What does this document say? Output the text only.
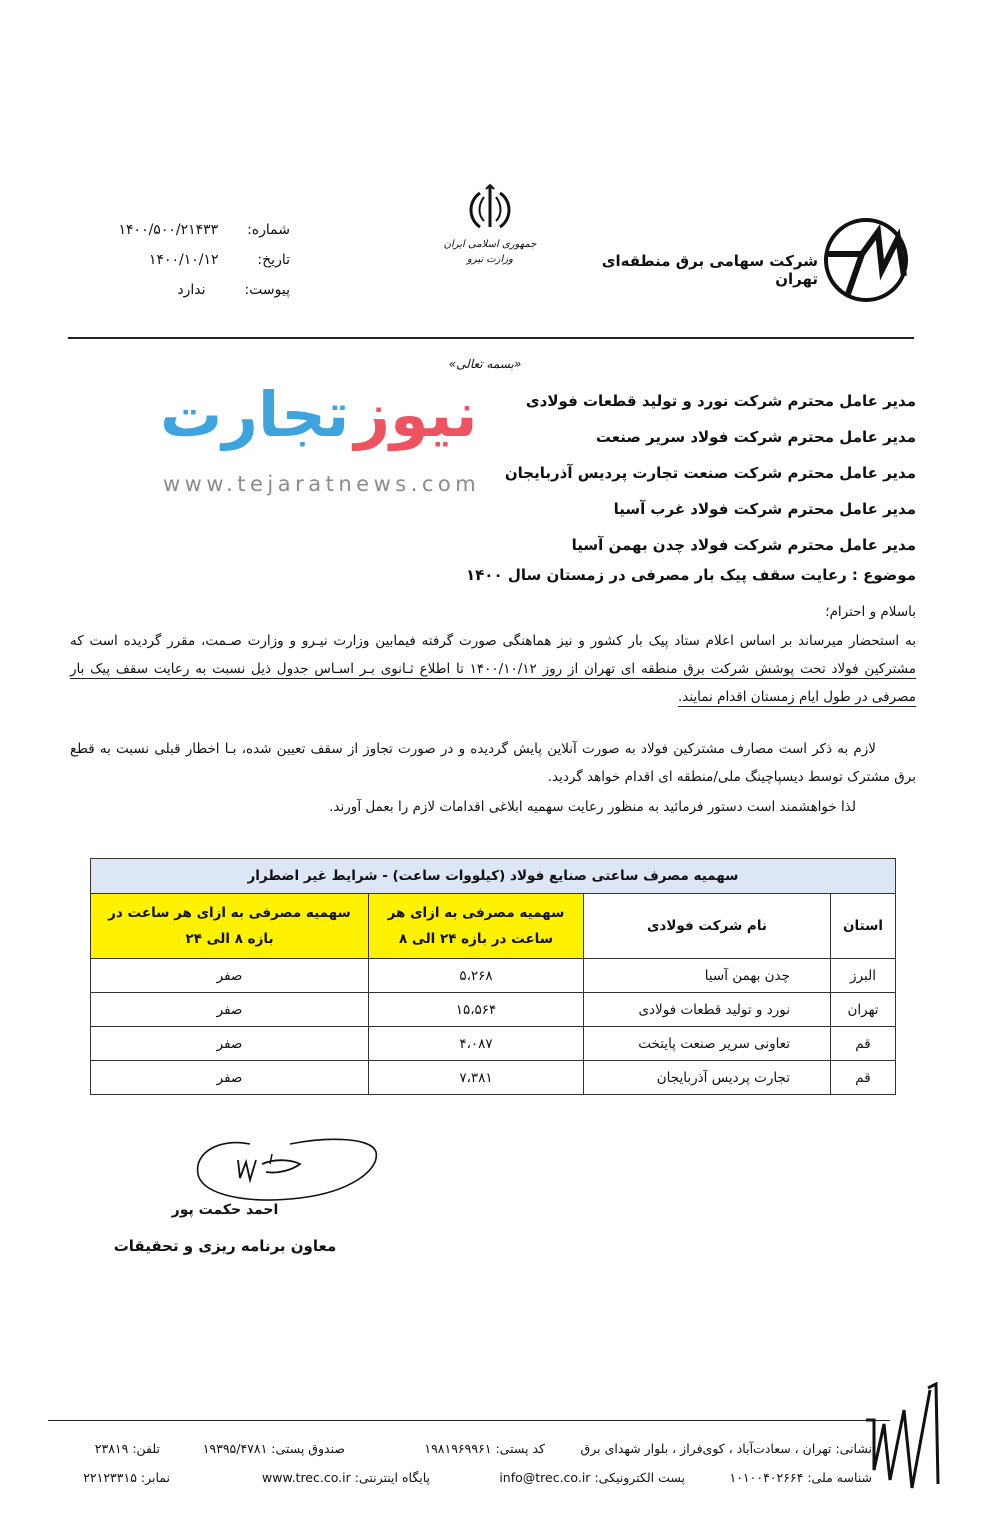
شماره:  ۱۴۰۰/۵۰۰/۲۱۴۳۳
تاریخ:  ۱۴۰۰/۱۰/۱۲
پیوست:  ندارد
جمهوری اسلامی ایران
وزارت نیرو	شرکت سهامی برق منطقه‌ای تهران
نیوز تجارت
www.tejaratnews.com
«بسمه تعالی»
مدیر عامل محترم شرکت نورد و تولید قطعات فولادی
مدیر عامل محترم شرکت فولاد سریر صنعت
مدیر عامل محترم شرکت صنعت تجارت پردیس آذربایجان
مدیر عامل محترم شرکت فولاد غرب آسیا
مدیر عامل محترم شرکت فولاد چدن بهمن آسیا
موضوع : رعایت سقف پیک بار مصرفی در زمستان سال ۱۴۰۰
باسلام و احترام؛
به استحضار میرساند بر اساس اعلام ستاد پیک بار کشور و نیز هماهنگی صورت گرفته فیمابین وزارت نیـرو و وزارت صـمت، مقرر گردیده است که مشترکین فولاد تحت پوشش شرکت برق منطقه ای تهران از روز ۱۴۰۰/۱۰/۱۲ تا اطلاع ثـانوی بـر اسـاس جدول ذیل نسبت به رعایت سقف پیک بار مصرفی در طول ایام زمستان اقدام نمایند.
لازم به ذکر است مصارف مشترکین فولاد به صورت آنلاین پایش گردیده و در صورت تجاوز از سقف تعیین شده، بـا اخطار قبلی نسبت به قطع برق مشترک توسط دیسپاچینگ ملی/منطقه ای اقدام خواهد گردید.
لذا خواهشمند است دستور فرمائید به منظور رعایت سهمیه ابلاغی اقدامات لازم را بعمل آورند.
سهمیه مصرف ساعتی صنایع فولاد (کیلووات ساعت) - شرایط غیر اضطرار			
استان	نام شرکت فولادی	سهمیه مصرفی به ازای هر ساعت در بازه ۲۴ الی ۸	سهمیه مصرفی به ازای هر ساعت در بازه ۸ الی ۲۴
البرز	چدن بهمن آسیا	۵،۲۶۸	صفر
تهران	نورد و تولید قطعات فولادی	۱۵،۵۶۴	صفر
قم	تعاونی سریر صنعت پایتخت	۴،۰۸۷	صفر
قم	تجارت پردیس آذربایجان	۷،۳۸۱	صفر
احمد حکمت پور
معاون برنامه ریزی و تحقیقات
نشانی: تهران ، سعادت‌آباد ، کوی‌فراز ، بلوار شهدای برق
کد پستی: ۱۹۸۱۹۶۹۹۶۱
صندوق پستی: ۱۹۳۹۵/۴۷۸۱
تلفن: ۲۳۸۱۹
شناسه ملی: ۱۰۱۰۰۴۰۲۶۶۴
پست الکترونیکی: info@trec.co.ir
پایگاه اینترنتی: www.trec.co.ir
نمابر: ۲۲۱۲۳۳۱۵
